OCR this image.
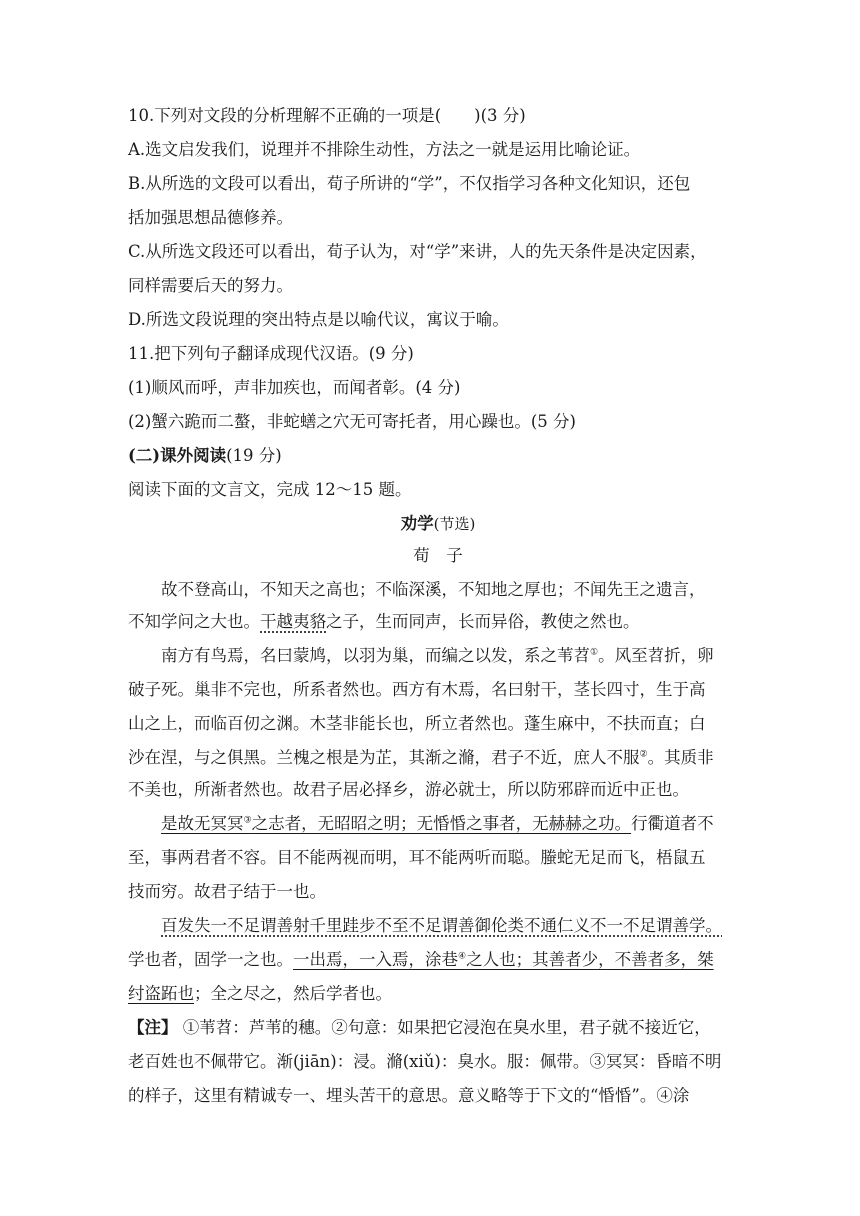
10.下列对文段的分析理解不正确的一项是(　　)(3 分)
A.选文启发我们，说理并不排除生动性，方法之一就是运用比喻论证。
B.从所选的文段可以看出，荀子所讲的“学”，不仅指学习各种文化知识，还包
括加强思想品德修养。
C.从所选文段还可以看出，荀子认为，对“学”来讲，人的先天条件是决定因素，
同样需要后天的努力。
D.所选文段说理的突出特点是以喻代议，寓议于喻。
11.把下列句子翻译成现代汉语。(9 分)
(1)顺风而呼，声非加疾也，而闻者彰。(4 分)
(2)蟹六跪而二螯，非蛇蟮之穴无可寄托者，用心躁也。(5 分)
(二)课外阅读(19 分)
阅读下面的文言文，完成 12～15 题。
劝学(节选)
荀　子
故不登高山，不知天之高也；不临深溪，不知地之厚也；不闻先王之遗言，
不知学问之大也。干越夷貉之子，生而同声，长而异俗，教使之然也。
南方有鸟焉，名曰蒙鸠，以羽为巢，而编之以发，系之苇苕①。风至苕折，卵
破子死。巢非不完也，所系者然也。西方有木焉，名曰射干，茎长四寸，生于高
山之上，而临百仞之渊。木茎非能长也，所立者然也。蓬生麻中，不扶而直；白
沙在涅，与之俱黑。兰槐之根是为芷，其渐之滫，君子不近，庶人不服②。其质非
不美也，所渐者然也。故君子居必择乡，游必就士，所以防邪辟而近中正也。
是故无冥冥③之志者，无昭昭之明；无惛惛之事者，无赫赫之功。行衢道者不
至，事两君者不容。目不能两视而明，耳不能两听而聪。螣蛇无足而飞，梧鼠五
技而穷。故君子结于一也。
百发失一不足谓善射千里跬步不至不足谓善御伦类不通仁义不一不足谓善学。
学也者，固学一之也。一出焉，一入焉，涂巷④之人也；其善者少，不善者多，桀
纣盗跖也；全之尽之，然后学者也。
【注】 ①苇苕：芦苇的穗。②句意：如果把它浸泡在臭水里，君子就不接近它，
老百姓也不佩带它。渐(jiān)：浸。滫(xiǔ)：臭水。服：佩带。③冥冥：昏暗不明
的样子，这里有精诚专一、埋头苦干的意思。意义略等于下文的“惛惛”。④涂
